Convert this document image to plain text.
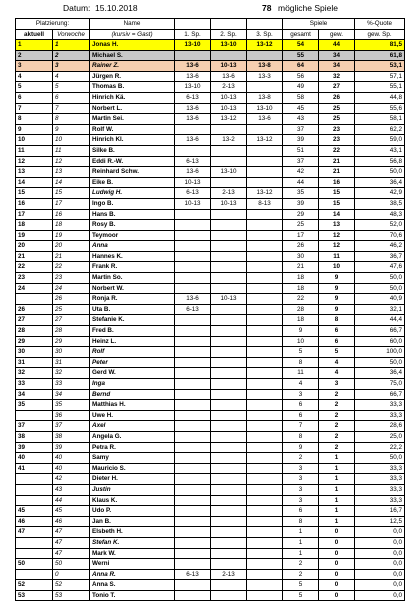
Datum: 15.10.2018	78 mögliche Spiele
Platzierung:		Name				Spiele		%-Quote
aktuell	Vorwoche	(kursiv = Gast)	1. Sp.	2. Sp.	3. Sp.	gesamt	gew.	gew. Sp.
1	1	Jonas H.	13-10	13-10	13-12	54	44	81,5
2	2	Michael S.				55	34	61,8
3	3	Rainer Z.	13-6	10-13	13-8	64	34	53,1
4	4	Jürgen R.	13-6	13-6	13-3	56	32	57,1
5	5	Thomas B.	13-10	2-13		49	27	55,1
6	6	Hinrich Kä.	6-13	10-13	13-8	58	26	44,8
7	7	Norbert L.	13-6	10-13	13-10	45	25	55,6
8	8	Martin Sei.	13-6	13-12	13-6	43	25	58,1
9	9	Rolf W.				37	23	62,2
10	10	Hinrich Kl.	13-6	13-2	13-12	39	23	59,0
11	11	Silke B.				51	22	43,1
12	12	Eddi R.-W.	6-13			37	21	56,8
13	13	Reinhard Schw.	13-6	13-10		42	21	50,0
14	14	Eike B.	10-13			44	16	36,4
15	15	Ludwig H.	6-13	2-13	13-12	35	15	42,9
16	17	Ingo B.	10-13	10-13	8-13	39	15	38,5
17	16	Hans B.				29	14	48,3
18	18	Rosy B.				25	13	52,0
19	19	Teymoor				17	12	70,6
20	20	Anna				26	12	46,2
21	21	Hannes K.				30	11	36,7
22	22	Frank R.				21	10	47,6
23	23	Martin So.				18	9	50,0
24	24	Norbert W.				18	9	50,0
	26	Ronja R.	13-6	10-13		22	9	40,9
26	25	Uta B.	6-13			28	9	32,1
27	27	Stefanie K.				18	8	44,4
28	28	Fred B.				9	6	66,7
29	29	Heinz L.				10	6	60,0
30	30	Rolf				5	5	100,0
31	31	Peter				8	4	50,0
32	32	Gerd W.				11	4	36,4
33	33	Inga				4	3	75,0
34	34	Bernd				3	2	66,7
35	35	Matthias H.				6	2	33,3
	36	Uwe H.				6	2	33,3
37	37	Axel				7	2	28,6
38	38	Angela G.				8	2	25,0
39	39	Petra R.				9	2	22,2
40	40	Samy				2	1	50,0
41	40	Mauricio S.				3	1	33,3
	42	Dieter H.				3	1	33,3
	43	Justin				3	1	33,3
	44	Klaus K.				3	1	33,3
45	45	Udo P.				6	1	16,7
46	46	Jan B.				8	1	12,5
47	47	Elsbeth H.				1	0	0,0
	47	Stefan K.				1	0	0,0
	47	Mark W.				1	0	0,0
50	50	Werni				2	0	0,0
	0	Anna R.	6-13	2-13		2	0	0,0
52	52	Anna S.				5	0	0,0
53	53	Tonio T.				5	0	0,0
